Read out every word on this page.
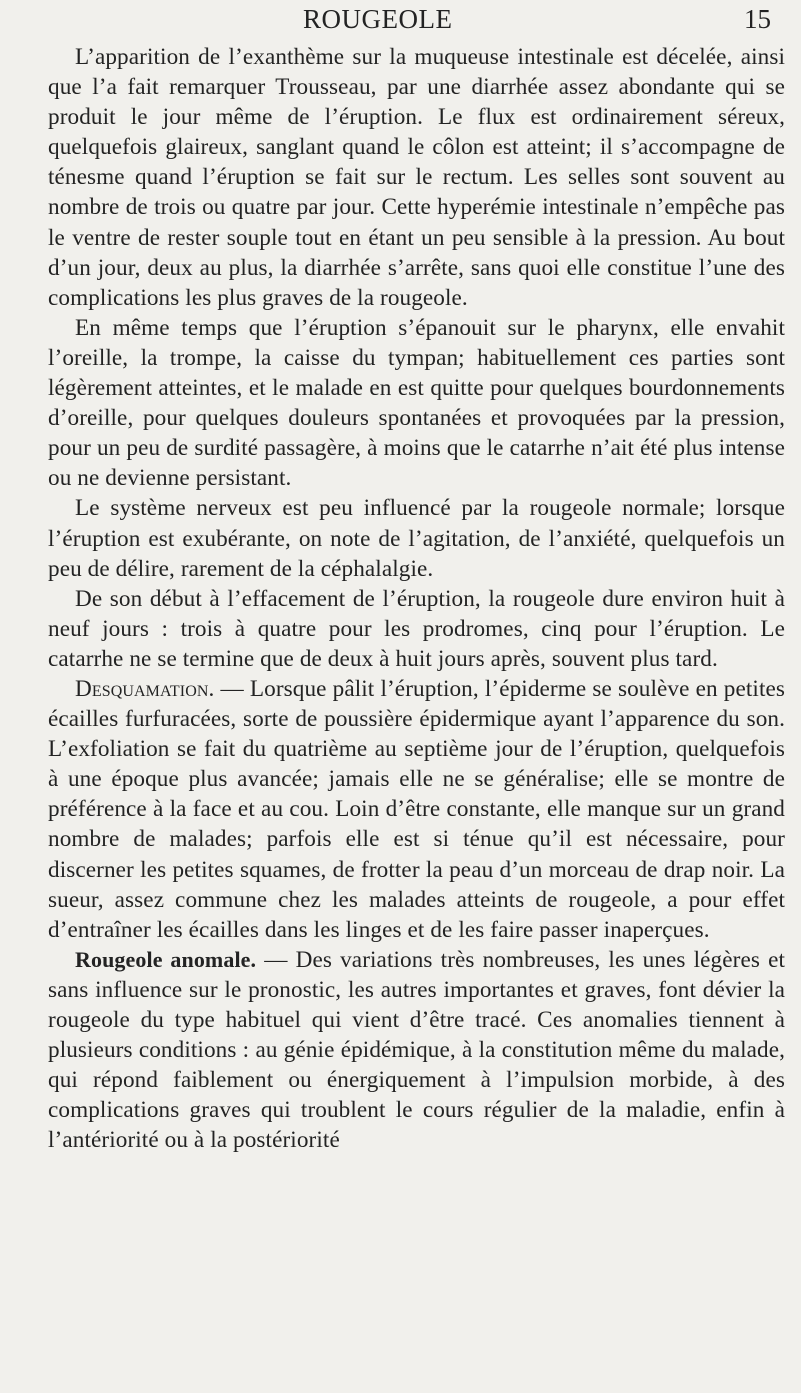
ROUGEOLE	15

L’apparition de l’exanthème sur la muqueuse intestinale est décelée, ainsi que l’a fait remarquer Trousseau, par une diarrhée assez abondante qui se produit le jour même de l’éruption. Le flux est ordinairement séreux, quelquefois glaireux, sanglant quand le côlon est atteint; il s’accompagne de ténesme quand l’éruption se fait sur le rectum. Les selles sont souvent au nombre de trois ou quatre par jour. Cette hyperémie intestinale n’empêche pas le ventre de rester souple tout en étant un peu sensible à la pression. Au bout d’un jour, deux au plus, la diarrhée s’arrête, sans quoi elle constitue l’une des complications les plus graves de la rougeole.

En même temps que l’éruption s’épanouit sur le pharynx, elle envahit l’oreille, la trompe, la caisse du tympan; habituellement ces parties sont légèrement atteintes, et le malade en est quitte pour quelques bourdonnements d’oreille, pour quelques douleurs spontanées et provoquées par la pression, pour un peu de surdité passagère, à moins que le catarrhe n’ait été plus intense ou ne devienne persistant.

Le système nerveux est peu influencé par la rougeole normale; lorsque l’éruption est exubérante, on note de l’agitation, de l’anxiété, quelquefois un peu de délire, rarement de la céphalalgie.

De son début à l’effacement de l’éruption, la rougeole dure environ huit à neuf jours : trois à quatre pour les prodromes, cinq pour l’éruption. Le catarrhe ne se termine que de deux à huit jours après, souvent plus tard.

Desquamation. — Lorsque pâlit l’éruption, l’épiderme se soulève en petites écailles furfuracées, sorte de poussière épidermique ayant l’apparence du son. L’exfoliation se fait du quatrième au septième jour de l’éruption, quelquefois à une époque plus avancée; jamais elle ne se généralise; elle se montre de préférence à la face et au cou. Loin d’être constante, elle manque sur un grand nombre de malades; parfois elle est si ténue qu’il est nécessaire, pour discerner les petites squames, de frotter la peau d’un morceau de drap noir. La sueur, assez commune chez les malades atteints de rougeole, a pour effet d’entraîner les écailles dans les linges et de les faire passer inaperçues.

Rougeole anomale. — Des variations très nombreuses, les unes légères et sans influence sur le pronostic, les autres importantes et graves, font dévier la rougeole du type habituel qui vient d’être tracé. Ces anomalies tiennent à plusieurs conditions : au génie épidémique, à la constitution même du malade, qui répond faiblement ou énergiquement à l’impulsion morbide, à des complications graves qui troublent le cours régulier de la maladie, enfin à l’antériorité ou à la postériorité
